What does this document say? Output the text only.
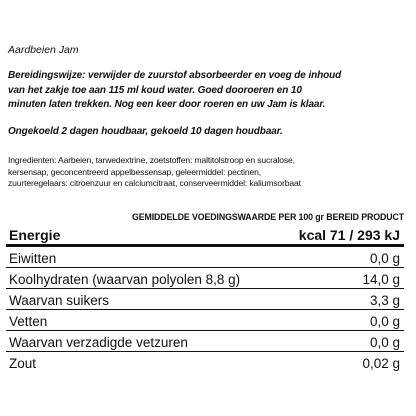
Aardbeien Jam
Bereidingswijze: verwijder de zuurstof absorbeerder en voeg de inhoud
van het zakje toe aan 115 ml koud water. Goed dooroeren en 10
minuten laten trekken. Nog een keer door roeren en uw Jam is klaar.
Ongekoeld 2 dagen houdbaar, gekoeld 10 dagen houdbaar.
Ingredienten: Aarbeien, tarwedextrine, zoetstoffen: maltitolstroop en sucralose,
kersensap, geconcentreerd appelbessensap, geleermiddel: pectinen,
zuurteregelaars: citroenzuur en calciumcitraat, conserveermiddel: kaliumsorbaat
GEMIDDELDE VOEDINGSWAARDE PER 100 gr BEREID PRODUCT
Energie	kcal 71 / 293 kJ
Eiwitten	0,0 g
Koolhydraten (waarvan polyolen 8,8 g)	14,0 g
Waarvan suikers	3,3 g
Vetten	0,0 g
Waarvan verzadigde vetzuren	0,0 g
Zout	0,02 g
